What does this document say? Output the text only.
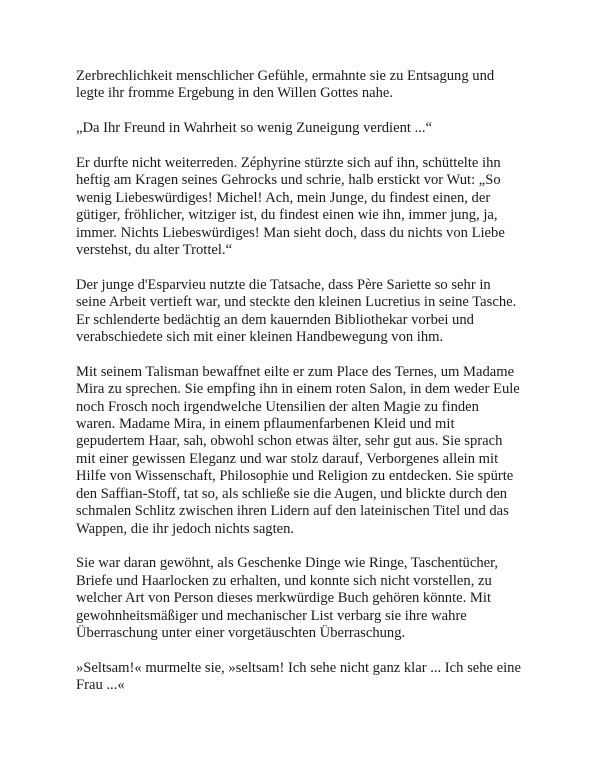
Zerbrechlichkeit menschlicher Gefühle, ermahnte sie zu Entsagung und
legte ihr fromme Ergebung in den Willen Gottes nahe.

„Da Ihr Freund in Wahrheit so wenig Zuneigung verdient ...“

Er durfte nicht weiterreden. Zéphyrine stürzte sich auf ihn, schüttelte ihn
heftig am Kragen seines Gehrocks und schrie, halb erstickt vor Wut: „So
wenig Liebeswürdiges! Michel! Ach, mein Junge, du findest einen, der
gütiger, fröhlicher, witziger ist, du findest einen wie ihn, immer jung, ja,
immer. Nichts Liebeswürdiges! Man sieht doch, dass du nichts von Liebe
verstehst, du alter Trottel.“

Der junge d'Esparvieu nutzte die Tatsache, dass Père Sariette so sehr in
seine Arbeit vertieft war, und steckte den kleinen Lucretius in seine Tasche.
Er schlenderte bedächtig an dem kauernden Bibliothekar vorbei und
verabschiedete sich mit einer kleinen Handbewegung von ihm.

Mit seinem Talisman bewaffnet eilte er zum Place des Ternes, um Madame
Mira zu sprechen. Sie empfing ihn in einem roten Salon, in dem weder Eule
noch Frosch noch irgendwelche Utensilien der alten Magie zu finden
waren. Madame Mira, in einem pflaumenfarbenen Kleid und mit
gepudertem Haar, sah, obwohl schon etwas älter, sehr gut aus. Sie sprach
mit einer gewissen Eleganz und war stolz darauf, Verborgenes allein mit
Hilfe von Wissenschaft, Philosophie und Religion zu entdecken. Sie spürte
den Saffian-Stoff, tat so, als schließe sie die Augen, und blickte durch den
schmalen Schlitz zwischen ihren Lidern auf den lateinischen Titel und das
Wappen, die ihr jedoch nichts sagten.

Sie war daran gewöhnt, als Geschenke Dinge wie Ringe, Taschentücher,
Briefe und Haarlocken zu erhalten, und konnte sich nicht vorstellen, zu
welcher Art von Person dieses merkwürdige Buch gehören könnte. Mit
gewohnheitsmäßiger und mechanischer List verbarg sie ihre wahre
Überraschung unter einer vorgetäuschten Überraschung.

»Seltsam!« murmelte sie, »seltsam! Ich sehe nicht ganz klar ... Ich sehe eine
Frau ...«
